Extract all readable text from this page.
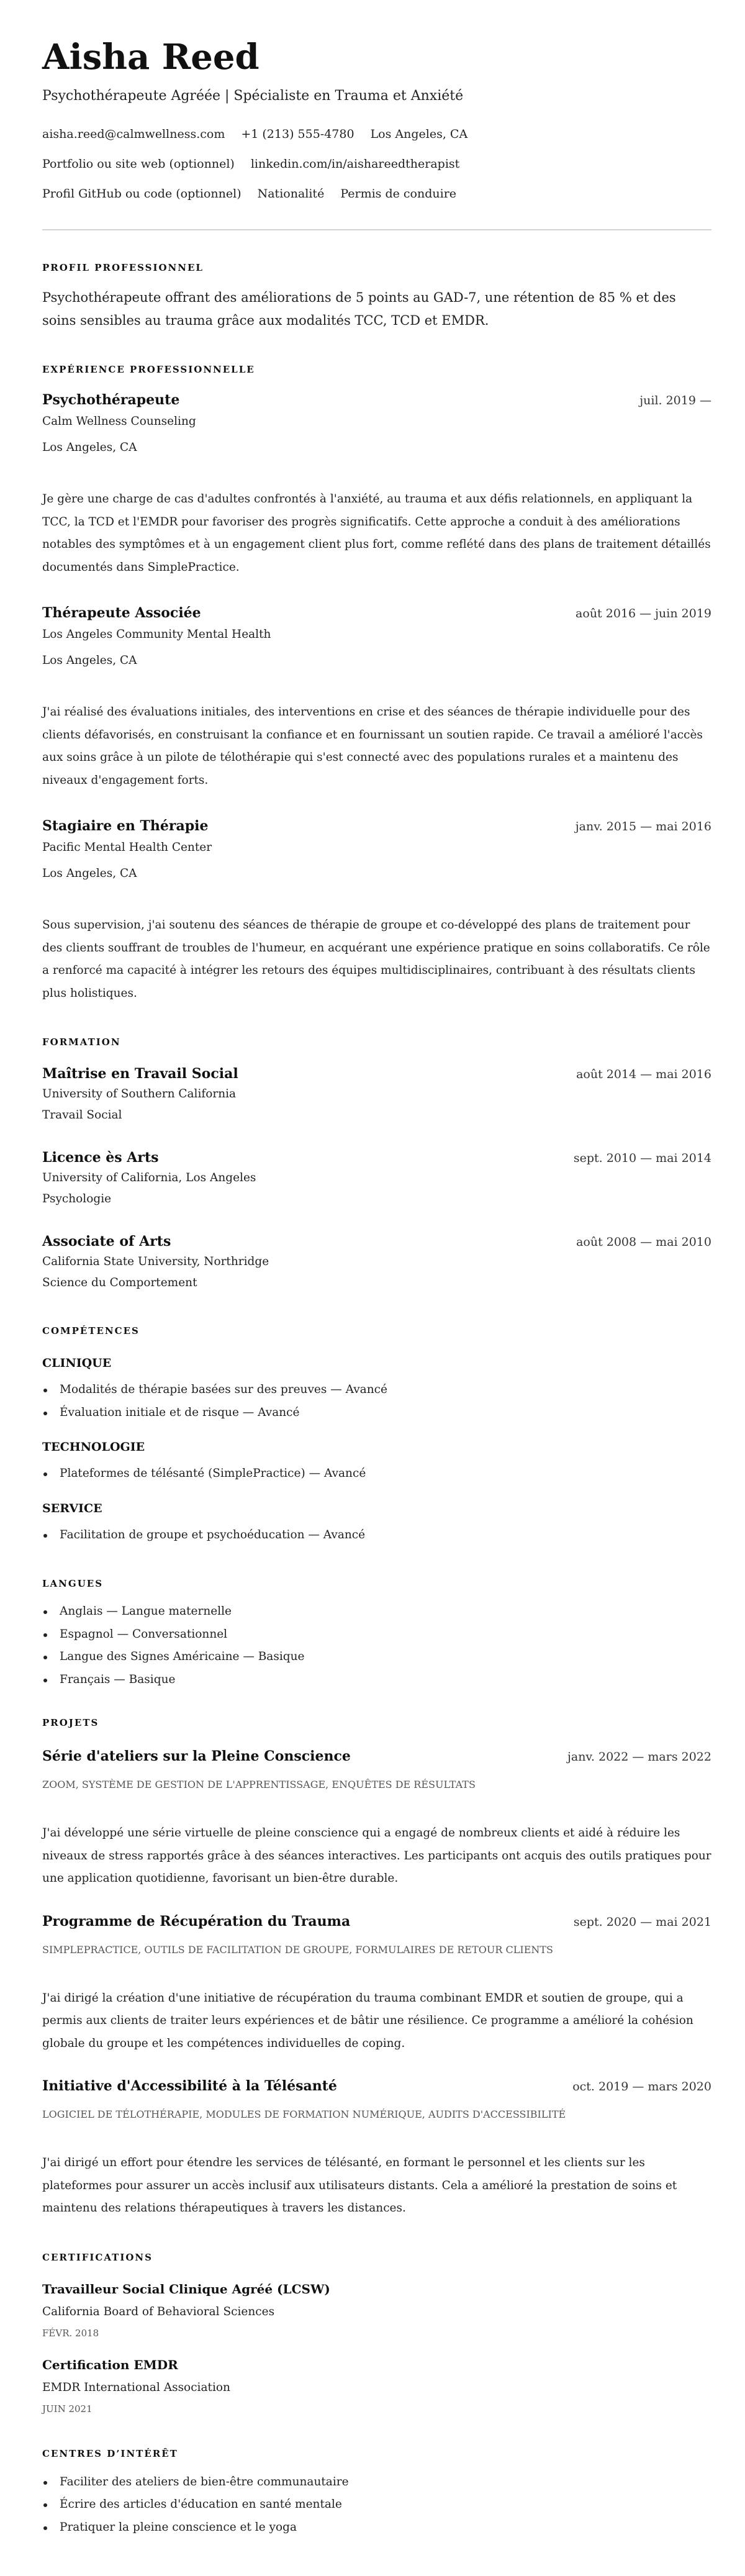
Aisha Reed
Psychothérapeute Agréée | Spécialiste en Trauma et Anxiété
aisha.reed@calmwellness.com +1 (213) 555-4780 Los Angeles, CA
Portfolio ou site web (optionnel) linkedin.com/in/aishareedtherapist
Profil GitHub ou code (optionnel) Nationalité Permis de conduire
PROFIL PROFESSIONNEL

Psychothérapeute offrant des améliorations de 5 points au GAD-7, une rétention de 85 % et des soins sensibles au trauma grâce aux modalités TCC, TCD et EMDR.

EXPÉRIENCE PROFESSIONNELLE
Psychothérapeute	juil. 2019 —
Calm Wellness Counseling
Los Angeles, CA

Je gère une charge de cas d'adultes confrontés à l'anxiété, au trauma et aux défis relationnels, en appliquant la TCC, la TCD et l'EMDR pour favoriser des progrès significatifs. Cette approche a conduit à des améliorations notables des symptômes et à un engagement client plus fort, comme reflété dans des plans de traitement détaillés documentés dans SimplePractice.

Thérapeute Associée	août 2016 — juin 2019
Los Angeles Community Mental Health
Los Angeles, CA

J'ai réalisé des évaluations initiales, des interventions en crise et des séances de thérapie individuelle pour des clients défavorisés, en construisant la confiance et en fournissant un soutien rapide. Ce travail a amélioré l'accès aux soins grâce à un pilote de télothérapie qui s'est connecté avec des populations rurales et a maintenu des niveaux d'engagement forts.

Stagiaire en Thérapie	janv. 2015 — mai 2016
Pacific Mental Health Center
Los Angeles, CA

Sous supervision, j'ai soutenu des séances de thérapie de groupe et co-développé des plans de traitement pour des clients souffrant de troubles de l'humeur, en acquérant une expérience pratique en soins collaboratifs. Ce rôle a renforcé ma capacité à intégrer les retours des équipes multidisciplinaires, contribuant à des résultats clients plus holistiques.

FORMATION
Maîtrise en Travail Social	août 2014 — mai 2016
University of Southern California
Travail Social
Licence ès Arts	sept. 2010 — mai 2014
University of California, Los Angeles
Psychologie
Associate of Arts	août 2008 — mai 2010
California State University, Northridge
Science du Comportement
COMPÉTENCES
CLINIQUE
Modalités de thérapie basées sur des preuves — Avancé
Évaluation initiale et de risque — Avancé
TECHNOLOGIE
Plateformes de télésanté (SimplePractice) — Avancé
SERVICE
Facilitation de groupe et psychoéducation — Avancé
LANGUES
Anglais — Langue maternelle
Espagnol — Conversationnel
Langue des Signes Américaine — Basique
Français — Basique
PROJETS
Série d'ateliers sur la Pleine Conscience	janv. 2022 — mars 2022
ZOOM, SYSTÈME DE GESTION DE L'APPRENTISSAGE, ENQUÊTES DE RÉSULTATS

J'ai développé une série virtuelle de pleine conscience qui a engagé de nombreux clients et aidé à réduire les niveaux de stress rapportés grâce à des séances interactives. Les participants ont acquis des outils pratiques pour une application quotidienne, favorisant un bien-être durable.

Programme de Récupération du Trauma	sept. 2020 — mai 2021
SIMPLEPRACTICE, OUTILS DE FACILITATION DE GROUPE, FORMULAIRES DE RETOUR CLIENTS

J'ai dirigé la création d'une initiative de récupération du trauma combinant EMDR et soutien de groupe, qui a permis aux clients de traiter leurs expériences et de bâtir une résilience. Ce programme a amélioré la cohésion globale du groupe et les compétences individuelles de coping.

Initiative d'Accessibilité à la Télésanté	oct. 2019 — mars 2020
LOGICIEL DE TÉLOTHÉRAPIE, MODULES DE FORMATION NUMÉRIQUE, AUDITS D'ACCESSIBILITÉ

J'ai dirigé un effort pour étendre les services de télésanté, en formant le personnel et les clients sur les plateformes pour assurer un accès inclusif aux utilisateurs distants. Cela a amélioré la prestation de soins et maintenu des relations thérapeutiques à travers les distances.

CERTIFICATIONS
Travailleur Social Clinique Agréé (LCSW)
California Board of Behavioral Sciences
FÉVR. 2018
Certification EMDR
EMDR International Association
JUIN 2021
CENTRES D’INTÉRÊT
Faciliter des ateliers de bien-être communautaire
Écrire des articles d'éducation en santé mentale
Pratiquer la pleine conscience et le yoga
